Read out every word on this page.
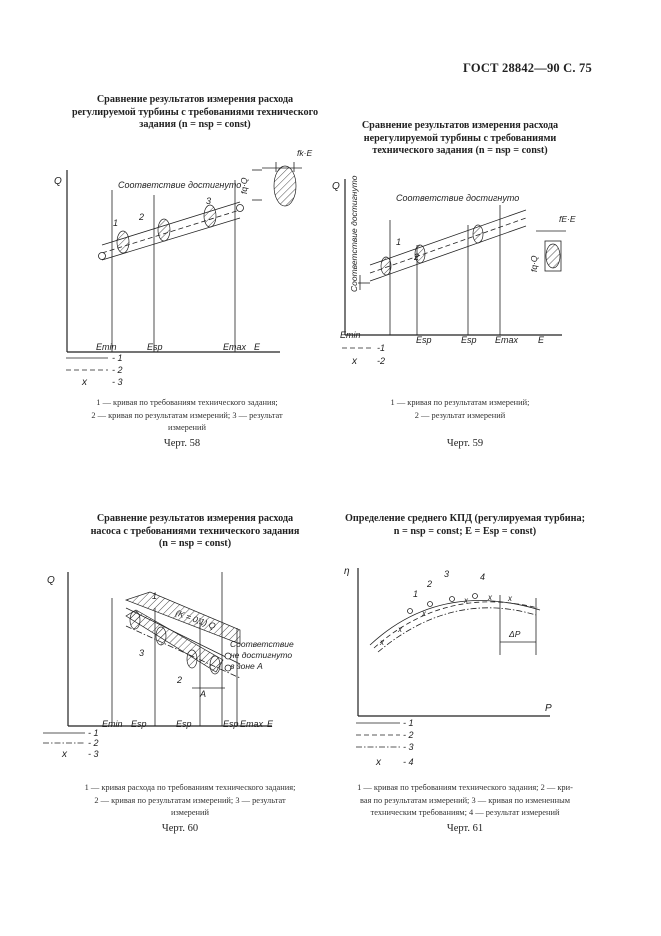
ГОСТ 28842—90 С. 75
Сравнение результатов измерения расхода
регулируемой турбины с требованиями технического
задания (n = nsp = const)
Q
1
2
3
Соответствие достигнуто
fk·E
fq·Q
Emin	Esp	Emax E
- 1
- 2
x	- 3
1 — кривая по требованиям технического задания;
2 — кривая по результатам измерений; 3 — результат
измерений
Черт. 58
Сравнение результатов измерения расхода
нерегулируемой турбины с требованиями
технического задания (n = nsp = const)
Q
1
2
Соответствие достигнуто
Соответствие достигнуто	fE·E
fq·Q
Emin	Esp	Esp Emax E
-1
x -2
1 — кривая по результатам измерений;
2 — результат измерений
Черт. 59
Сравнение результатов измерения расхода
насоса с требованиями технического задания
(n = nsp = const)
Q
A
1
2
3
(K = 0,1) Q
Соответствие
не достигнуто
в зоне A
Emin Esp	Esp	Esp Emax E
- 1
- 2
x - 3
1 — кривая расхода по требованиям технического задания;
2 — кривая по результатам измерений; 3 — результат
измерений
Черт. 60
Определение среднего КПД (регулируемая турбина;
n = nsp = const; E = Esp = const)
η
P
ΔP
1
2
3	4
x
x
x
x	x x
- 1
- 2
- 3
x - 4
1 — кривая по требованиям технического задания; 2 — кри-
вая по результатам измерений; 3 — кривая по измененным
техническим требованиям; 4 — результат измерений
Черт. 61
